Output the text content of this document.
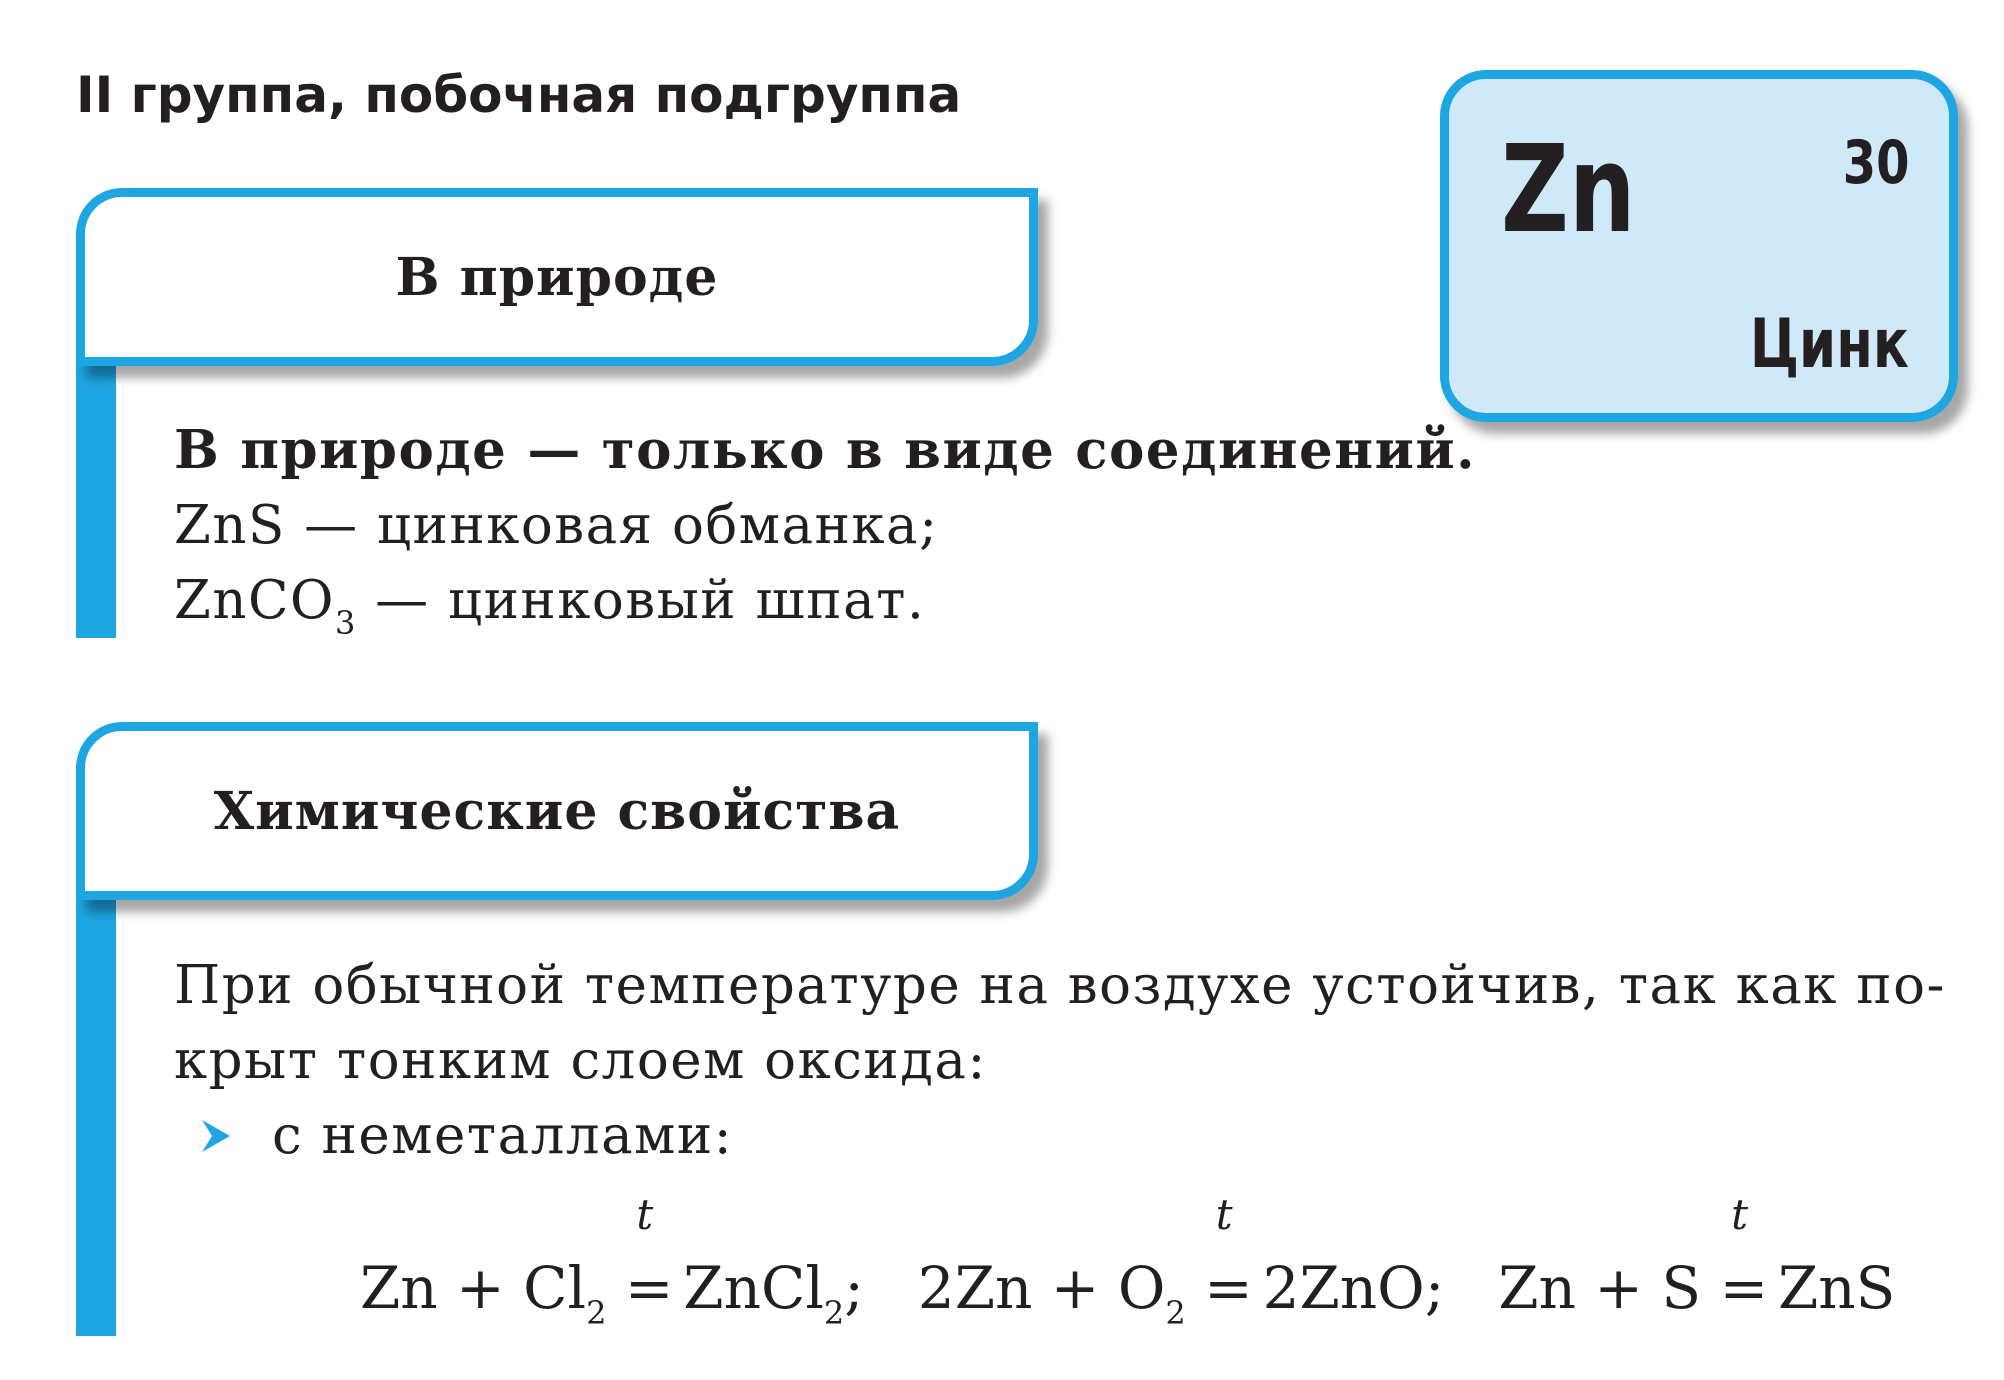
II группа, побочная подгруппа
Zn	30
Цинк
В природе
В природе — только в виде соединений.
ZnS — цинковая обманка;
ZnCO$_3$ — цинковый шпат.
Химические свойства
При обычной температуре на воздухе устойчив, так как по-
крыт тонким слоем оксида:
с неметаллами:
$Zn + Cl_2$
t
= ZnCl$_2$; $2Zn + O_2$
t
= 2ZnO; Zn + S
t
= ZnS
